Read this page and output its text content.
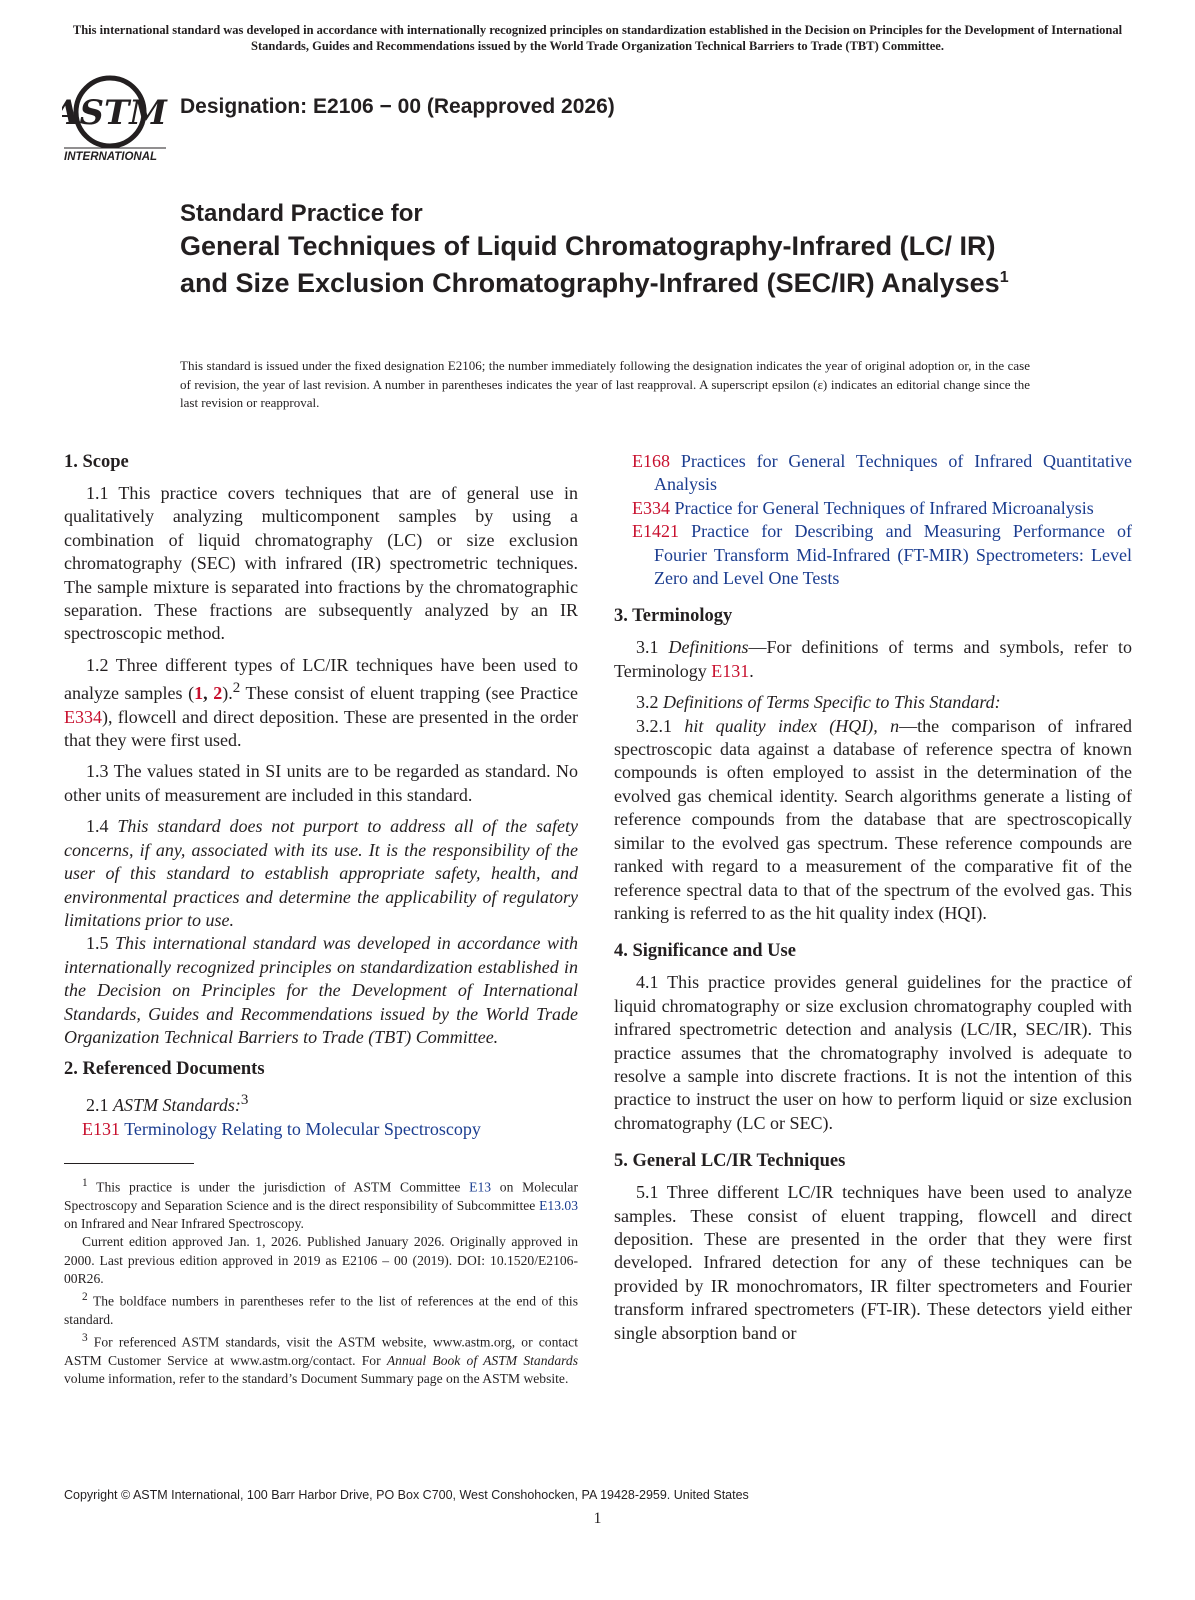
This international standard was developed in accordance with internationally recognized principles on standardization established in the Decision on Principles for the Development of International Standards, Guides and Recommendations issued by the World Trade Organization Technical Barriers to Trade (TBT) Committee.
ASTM
INTERNATIONAL
Designation: E2106 − 00 (Reapproved 2026)
Standard Practice for
General Techniques of Liquid Chromatography-Infrared (LC/ IR) and Size Exclusion Chromatography-Infrared (SEC/IR) Analyses$^1$
This standard is issued under the fixed designation E2106; the number immediately following the designation indicates the year of original adoption or, in the case of revision, the year of last revision. A number in parentheses indicates the year of last reapproval. A superscript epsilon (ε) indicates an editorial change since the last revision or reapproval.
1. Scope

1.1 This practice covers techniques that are of general use in qualitatively analyzing multicomponent samples by using a combination of liquid chromatography (LC) or size exclusion chromatography (SEC) with infrared (IR) spectrometric techniques. The sample mixture is separated into fractions by the chromatographic separation. These fractions are subsequently analyzed by an IR spectroscopic method.

1.2 Three different types of LC/IR techniques have been used to analyze samples (1, 2).$^2$ These consist of eluent trapping (see Practice E334), flowcell and direct deposition. These are presented in the order that they were first used.

1.3 The values stated in SI units are to be regarded as standard. No other units of measurement are included in this standard.

1.4 This standard does not purport to address all of the safety concerns, if any, associated with its use. It is the responsibility of the user of this standard to establish appropriate safety, health, and environmental practices and determine the applicability of regulatory limitations prior to use.

1.5 This international standard was developed in accordance with internationally recognized principles on standardization established in the Decision on Principles for the Development of International Standards, Guides and Recommendations issued by the World Trade Organization Technical Barriers to Trade (TBT) Committee.

2. Referenced Documents

2.1 ASTM Standards:$^3$

E131 Terminology Relating to Molecular Spectroscopy

$^1$ This practice is under the jurisdiction of ASTM Committee E13 on Molecular Spectroscopy and Separation Science and is the direct responsibility of Subcommittee E13.03 on Infrared and Near Infrared Spectroscopy.

Current edition approved Jan. 1, 2026. Published January 2026. Originally approved in 2000. Last previous edition approved in 2019 as E2106 – 00 (2019). DOI: 10.1520/E2106-00R26.

$^2$ The boldface numbers in parentheses refer to the list of references at the end of this standard.

$^3$ For referenced ASTM standards, visit the ASTM website, www.astm.org, or contact ASTM Customer Service at www.astm.org/contact. For Annual Book of ASTM Standards volume information, refer to the standard’s Document Summary page on the ASTM website.

E168 Practices for General Techniques of Infrared Quantitative Analysis

E334 Practice for General Techniques of Infrared Microanalysis

E1421 Practice for Describing and Measuring Performance of Fourier Transform Mid-Infrared (FT-MIR) Spectrometers: Level Zero and Level One Tests

3. Terminology

3.1 Definitions—For definitions of terms and symbols, refer to Terminology E131.

3.2 Definitions of Terms Specific to This Standard:

3.2.1 hit quality index (HQI), n—the comparison of infrared spectroscopic data against a database of reference spectra of known compounds is often employed to assist in the determination of the evolved gas chemical identity. Search algorithms generate a listing of reference compounds from the database that are spectroscopically similar to the evolved gas spectrum. These reference compounds are ranked with regard to a measurement of the comparative fit of the reference spectral data to that of the spectrum of the evolved gas. This ranking is referred to as the hit quality index (HQI).

4. Significance and Use

4.1 This practice provides general guidelines for the practice of liquid chromatography or size exclusion chromatography coupled with infrared spectrometric detection and analysis (LC/IR, SEC/IR). This practice assumes that the chromatography involved is adequate to resolve a sample into discrete fractions. It is not the intention of this practice to instruct the user on how to perform liquid or size exclusion chromatography (LC or SEC).

5. General LC/IR Techniques

5.1 Three different LC/IR techniques have been used to analyze samples. These consist of eluent trapping, flowcell and direct deposition. These are presented in the order that they were first developed. Infrared detection for any of these techniques can be provided by IR monochromators, IR filter spectrometers and Fourier transform infrared spectrometers (FT-IR). These detectors yield either single absorption band or

Copyright © ASTM International, 100 Barr Harbor Drive, PO Box C700, West Conshohocken, PA 19428-2959. United States
1
